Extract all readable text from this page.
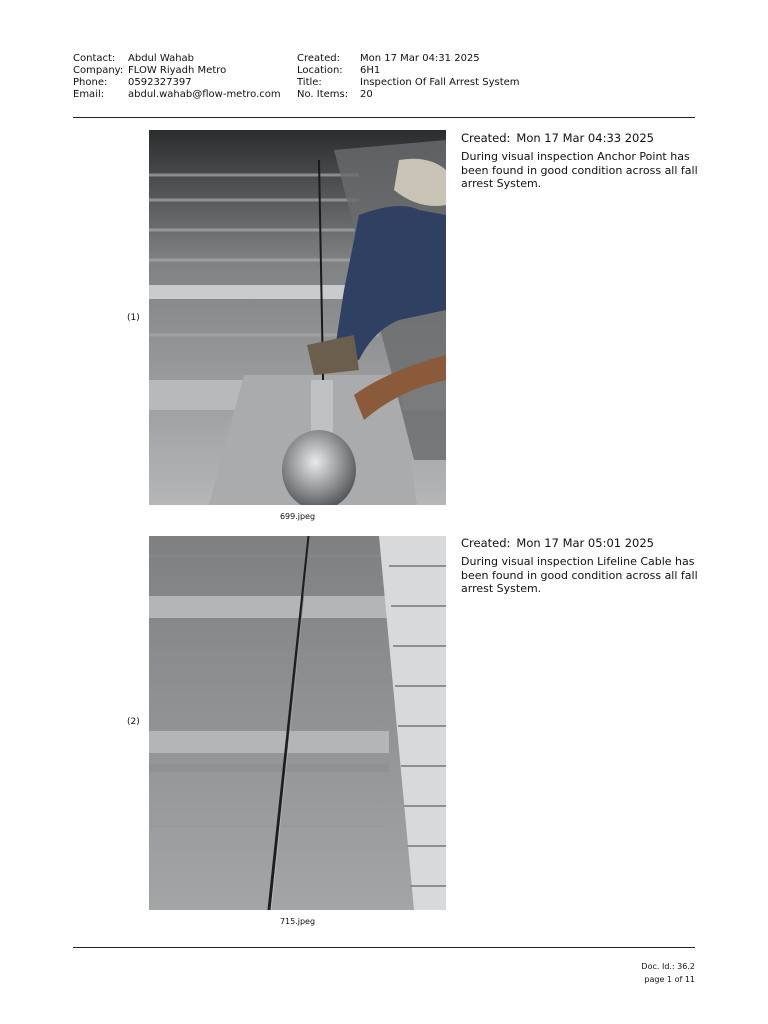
Contact:	Abdul Wahab
Company: FLOW Riyadh Metro
Phone:	0592327397
Email:	abdul.wahab@flow-metro.com
Created:	Mon 17 Mar 04:31 2025
Location:	6H1
Title:	Inspection Of Fall Arrest System
No. Items:	20
(1)
699.jpeg
Created: Mon 17 Mar 04:33 2025
During visual inspection Anchor Point has been found in good condition across all fall arrest System.
(2)
715.jpeg
Created: Mon 17 Mar 05:01 2025
During visual inspection Lifeline Cable has been found in good condition across all fall arrest System.
Doc. Id.: 36.2
page 1 of 11
